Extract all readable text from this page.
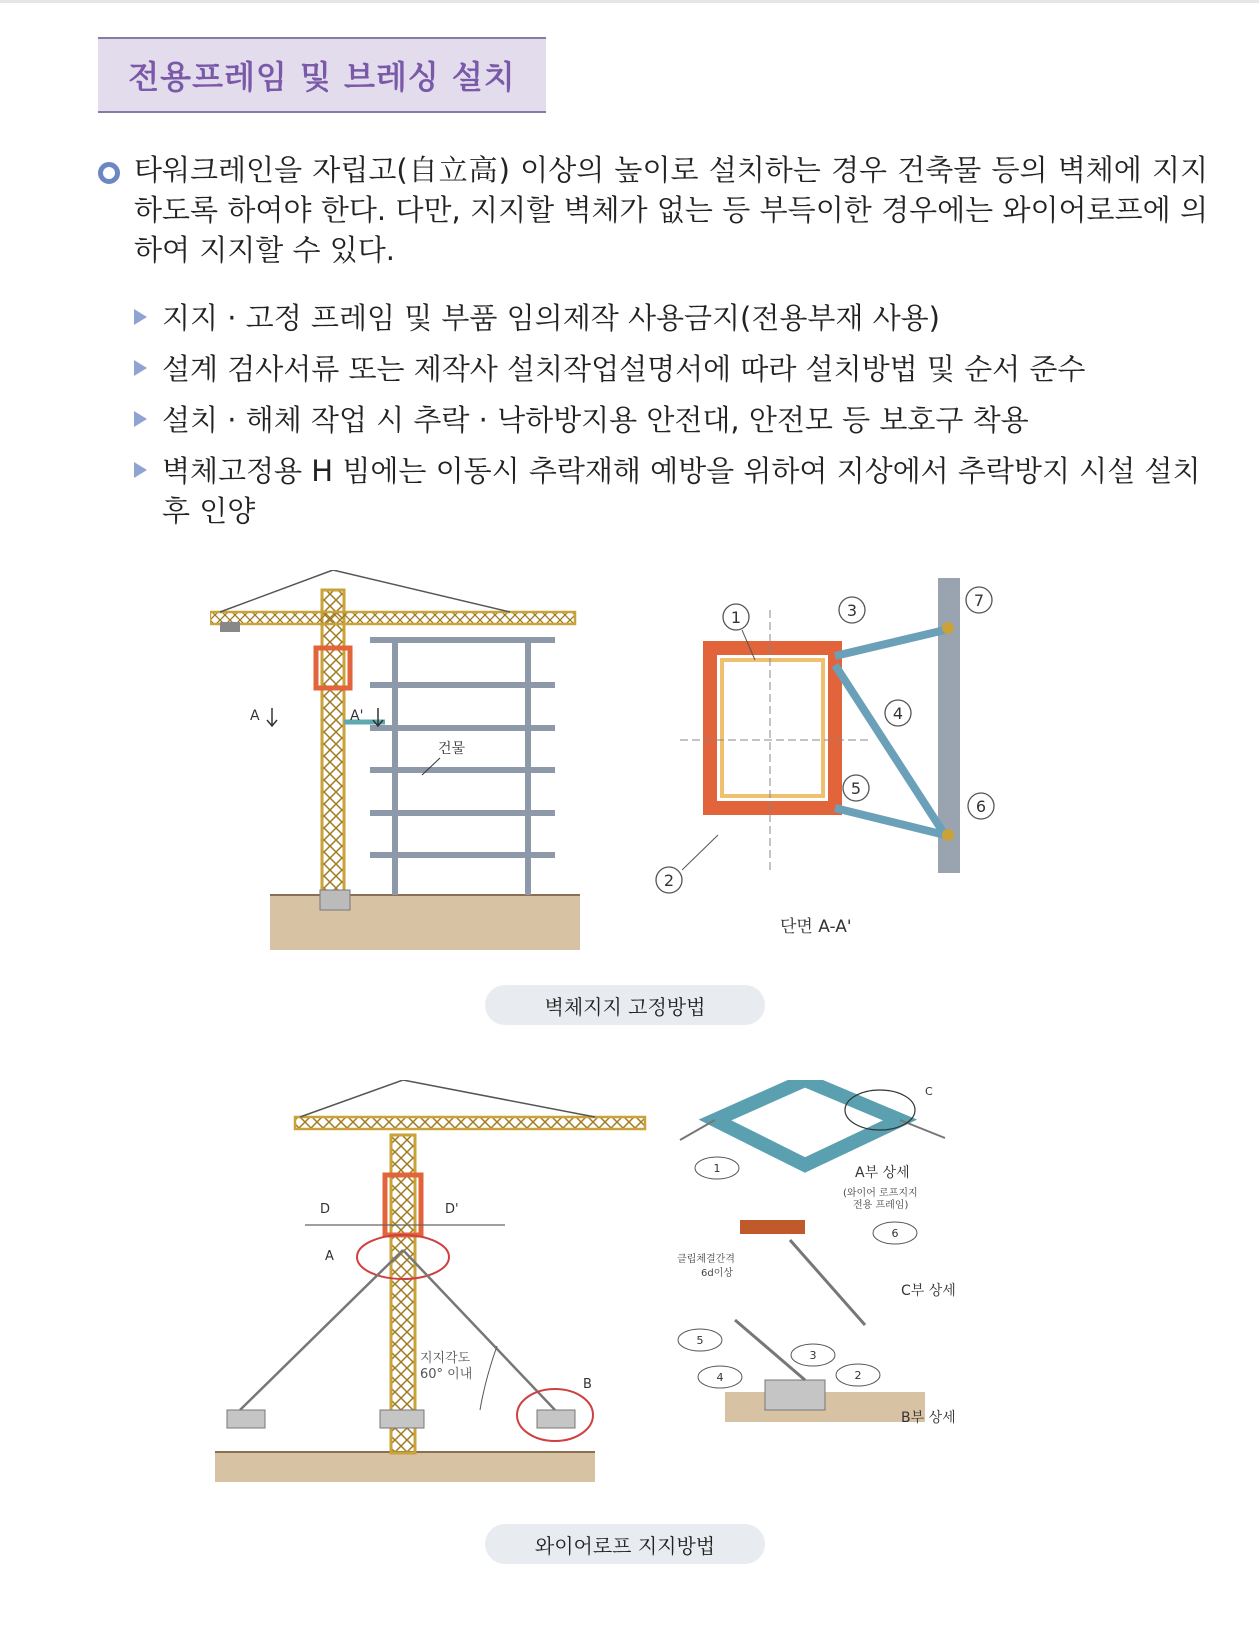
전용프레임 및 브레싱 설치
타워크레인을 자립고(自立高) 이상의 높이로 설치하는 경우 건축물 등의 벽체에 지지하도록 하여야 한다. 다만, 지지할 벽체가 없는 등 부득이한 경우에는 와이어로프에 의하여 지지할 수 있다.
지지 · 고정 프레임 및 부품 임의제작 사용금지(전용부재 사용)
설계 검사서류 또는 제작사 설치작업설명서에 따라 설치방법 및 순서 준수
설치 · 해체 작업 시 추락 · 낙하방지용 안전대, 안전모 등 보호구 착용
벽체고정용 H 빔에는 이동시 추락재해 예방을 위하여 지상에서 추락방지 시설 설치 후 인양
A	A'
건물
1
2
3
4
5
6
7
단면 A-A'
벽체지지 고정방법
D	D'
A
B
지지각도
60° 이내
C
1	A부 상세
(와이어 로프지지
전용 프레임)
클립체결간격
6d이상
6
C부 상세
5
4
3
2
B부 상세
와이어로프 지지방법
